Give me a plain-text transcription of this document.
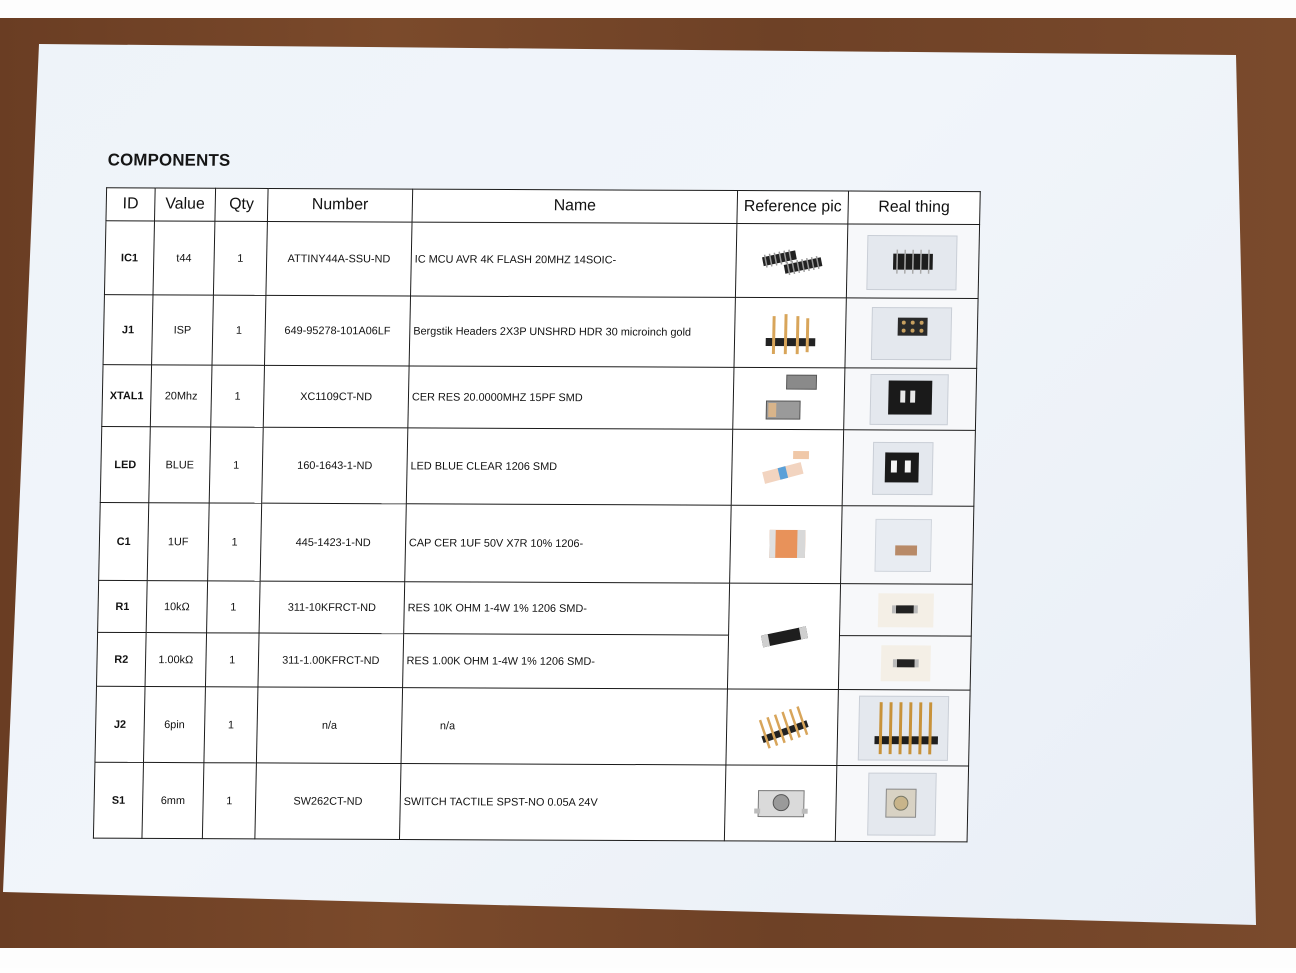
COMPONENTS
ID	Value	Qty	Number	Name	Reference pic	Real thing
IC1	t44	1	ATTINY44A-SSU-ND	IC MCU AVR 4K FLASH 20MHZ 14SOIC-	

J1	ISP	1	649-95278-101A06LF	Bergstik Headers 2X3P UNSHRD HDR 30 microinch gold	

XTAL1	20Mhz	1	XC1109CT-ND	CER RES 20.0000MHZ 15PF SMD	

LED	BLUE	1	160-1643-1-ND	LED BLUE CLEAR 1206 SMD	

C1	1UF	1	445-1423-1-ND	CAP CER 1UF 50V X7R 10% 1206-	

R1	10kΩ	1	311-10KFRCT-ND	RES 10K OHM 1-4W 1% 1206 SMD-	

R2	1.00kΩ	1	311-1.00KFRCT-ND	RES 1.00K OHM 1-4W 1% 1206 SMD-	

J2	6pin	1	n/a	n/a	

S1	6mm	1	SW262CT-ND	SWITCH TACTILE SPST-NO 0.05A 24V	
